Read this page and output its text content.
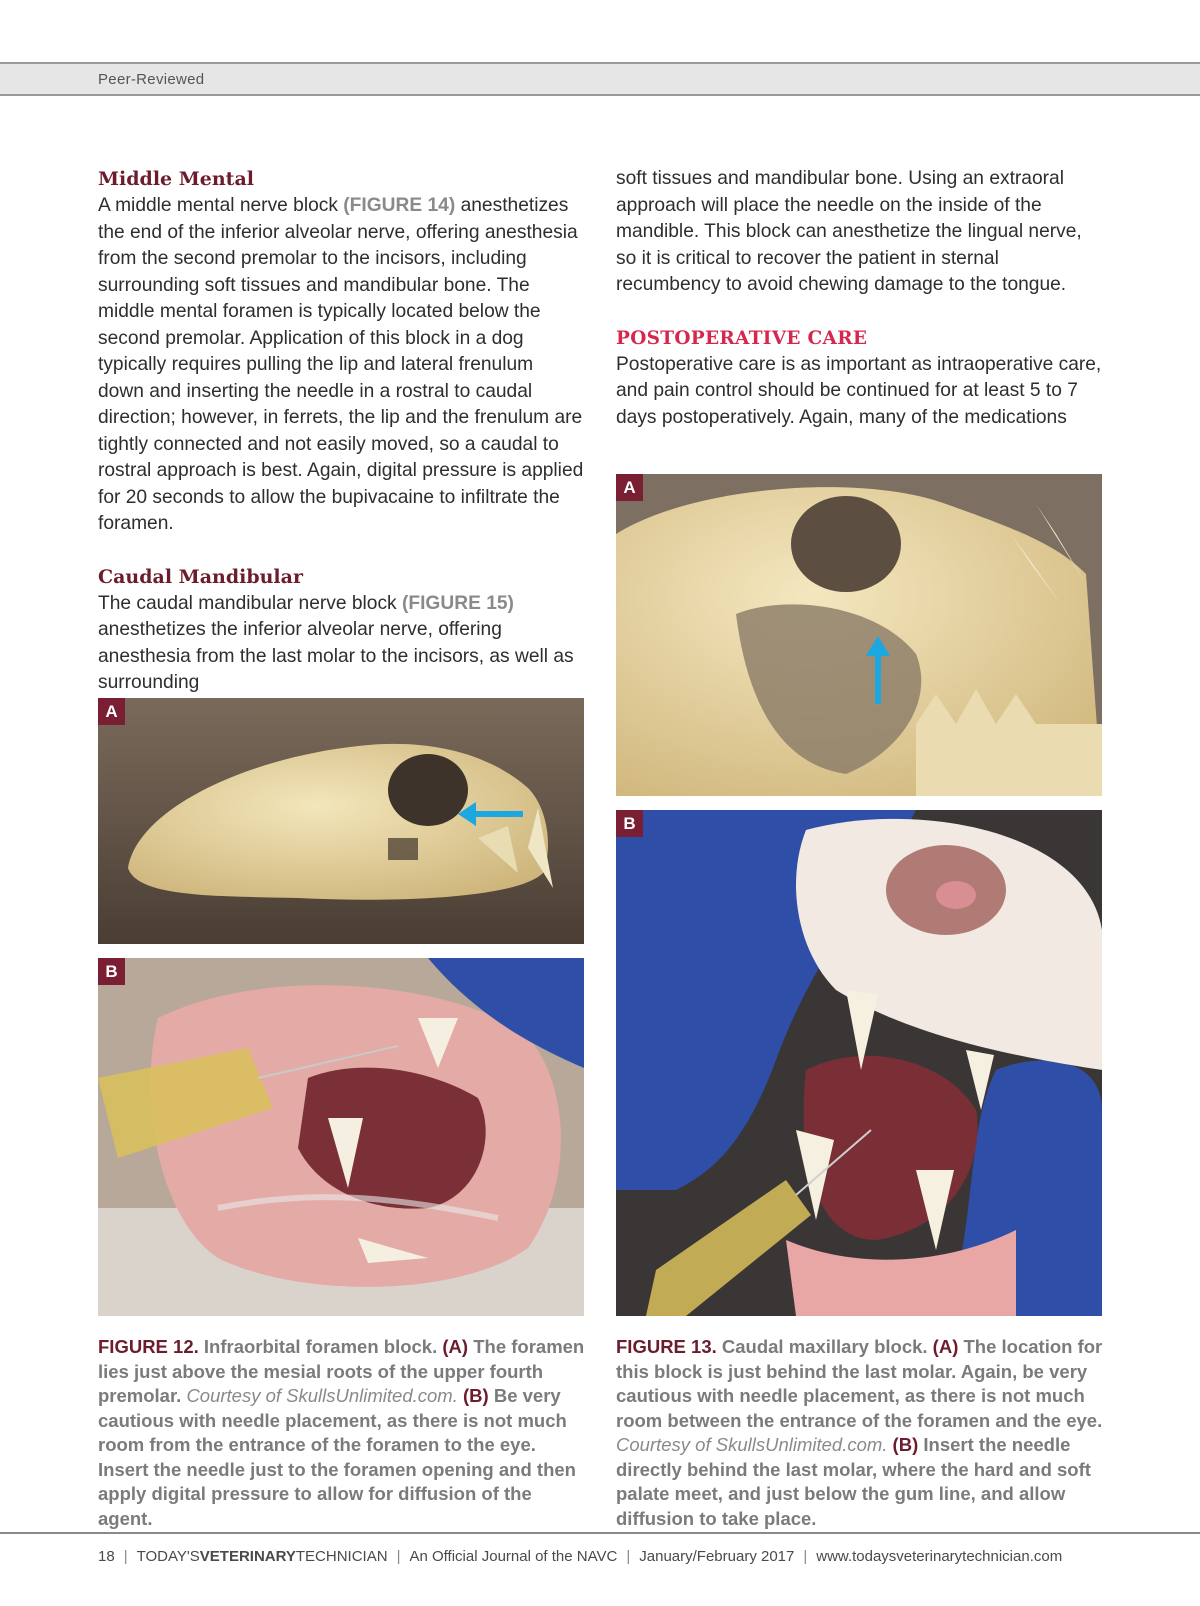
Peer-Reviewed

Middle Mental

A middle mental nerve block (FIGURE 14) anesthetizes the end of the inferior alveolar nerve, offering anesthesia from the second premolar to the incisors, including surrounding soft tissues and mandibular bone. The middle mental foramen is typically located below the second premolar. Application of this block in a dog typically requires pulling the lip and lateral frenulum down and inserting the needle in a rostral to caudal direction; however, in ferrets, the lip and the frenulum are tightly connected and not easily moved, so a caudal to rostral approach is best. Again, digital pressure is applied for 20 seconds to allow the bupivacaine to infiltrate the foramen.

Caudal Mandibular

The caudal mandibular nerve block (FIGURE 15) anesthetizes the inferior alveolar nerve, offering anesthesia from the last molar to the incisors, as well as surrounding

soft tissues and mandibular bone. Using an extraoral approach will place the needle on the inside of the mandible. This block can anesthetize the lingual nerve, so it is critical to recover the patient in sternal recumbency to avoid chewing damage to the tongue.

POSTOPERATIVE CARE

Postoperative care is as important as intraoperative care, and pain control should be continued for at least 5 to 7 days postoperatively. Again, many of the medications

A
B
A
B
FIGURE 12. Infraorbital foramen block. (A) The foramen lies just above the mesial roots of the upper fourth premolar. Courtesy of SkullsUnlimited.com. (B) Be very cautious with needle placement, as there is not much room from the entrance of the foramen to the eye. Insert the needle just to the foramen opening and then apply digital pressure to allow for diffusion of the agent.
FIGURE 13. Caudal maxillary block. (A) The location for this block is just behind the last molar. Again, be very cautious with needle placement, as there is not much room between the entrance of the foramen and the eye. Courtesy of SkullsUnlimited.com. (B) Insert the needle directly behind the last molar, where the hard and soft palate meet, and just below the gum line, and allow diffusion to take place.
18 | TODAY'SVETERINARYTECHNICIAN | An Official Journal of the NAVC | January/February 2017 | www.todaysveterinarytechnician.com
